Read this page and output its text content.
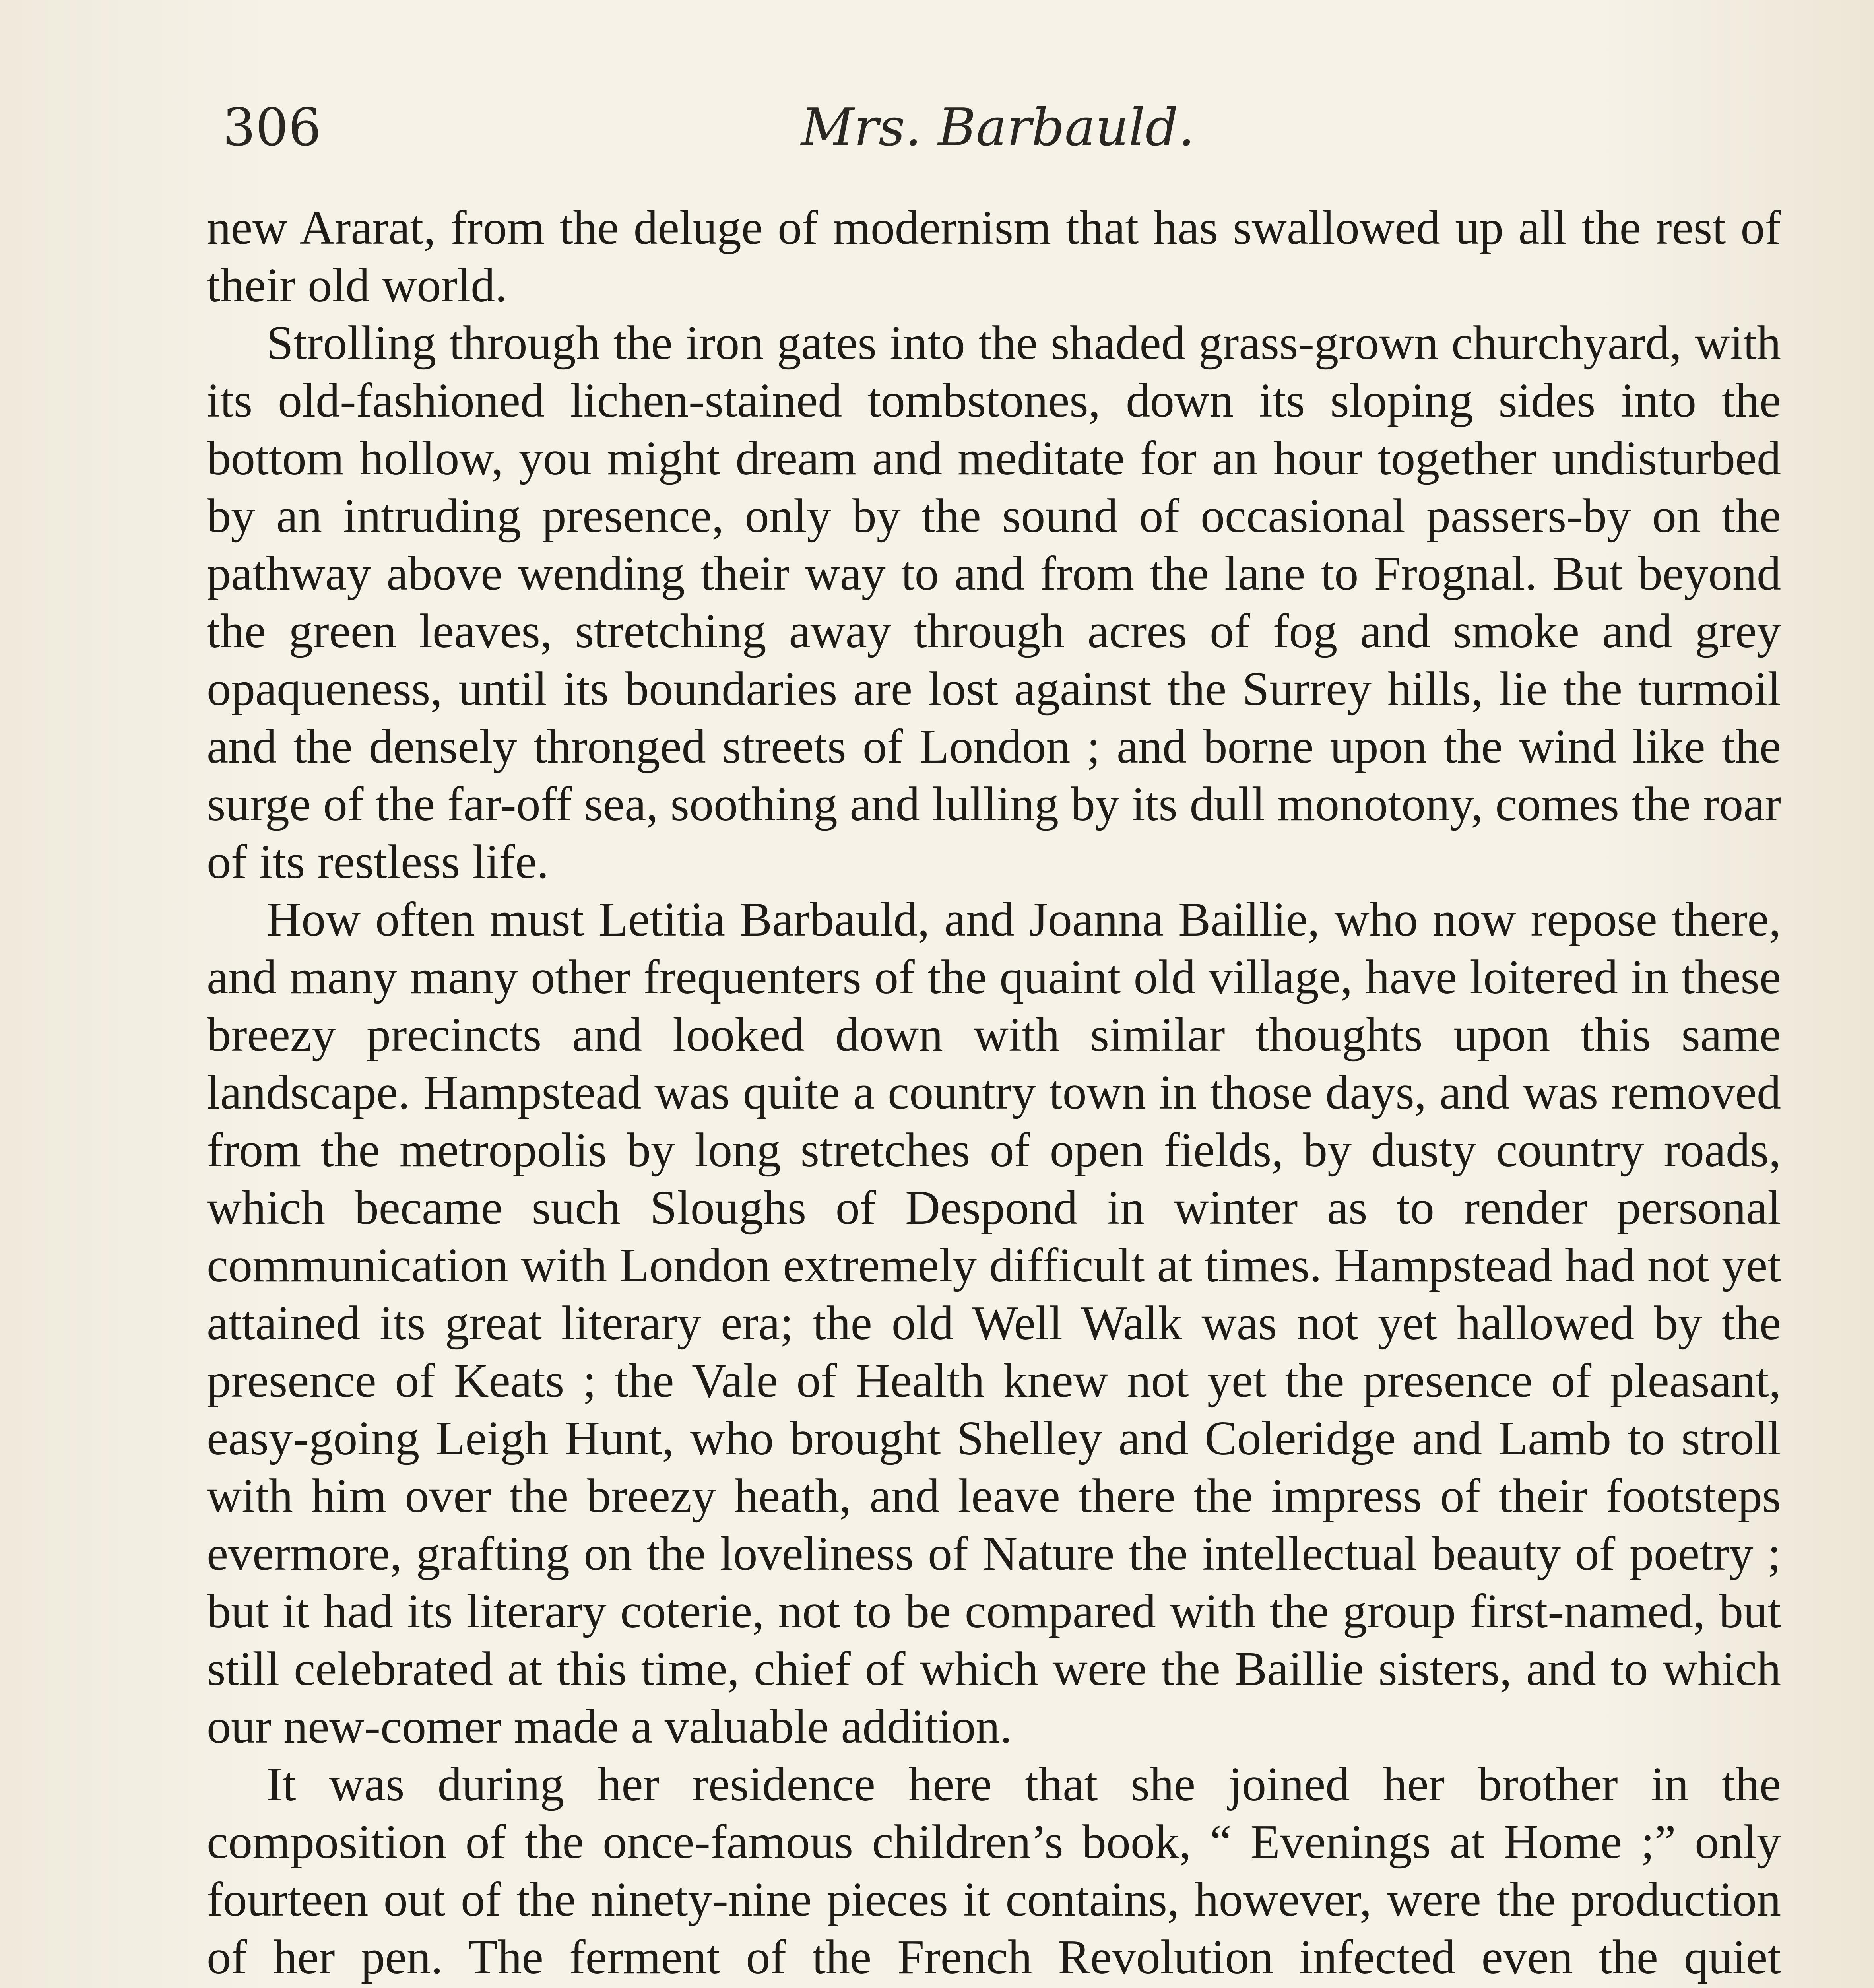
306	Mrs. Barbauld.

new Ararat, from the deluge of modernism that has swallowed up all the rest of their old world.

Strolling through the iron gates into the shaded grass-grown churchyard, with its old-fashioned lichen-stained tombstones, down its sloping sides into the bottom hollow, you might dream and meditate for an hour together undisturbed by an intruding presence, only by the sound of occasional passers-by on the pathway above wending their way to and from the lane to Frognal. But beyond the green leaves, stretching away through acres of fog and smoke and grey opaqueness, until its boundaries are lost against the Surrey hills, lie the turmoil and the densely thronged streets of London ; and borne upon the wind like the surge of the far-off sea, soothing and lulling by its dull monotony, comes the roar of its restless life.

How often must Letitia Barbauld, and Joanna Baillie, who now repose there, and many many other frequenters of the quaint old village, have loitered in these breezy precincts and looked down with similar thoughts upon this same landscape. Hampstead was quite a country town in those days, and was removed from the metropolis by long stretches of open fields, by dusty country roads, which became such Sloughs of Despond in winter as to render personal communication with London extremely difficult at times. Hampstead had not yet attained its great literary era; the old Well Walk was not yet hallowed by the presence of Keats ; the Vale of Health knew not yet the presence of pleasant, easy-going Leigh Hunt, who brought Shelley and Coleridge and Lamb to stroll with him over the breezy heath, and leave there the impress of their footsteps evermore, grafting on the loveliness of Nature the intellectual beauty of poetry ; but it had its literary coterie, not to be compared with the group first-named, but still celebrated at this time, chief of which were the Baillie sisters, and to which our new-comer made a valuable addition.

It was during her residence here that she joined her brother in the composition of the once-famous children’s book, “ Evenings at Home ;” only fourteen out of the ninety-nine pieces it contains, however, were the production of her pen. The ferment of the French Revolution infected even the quiet
